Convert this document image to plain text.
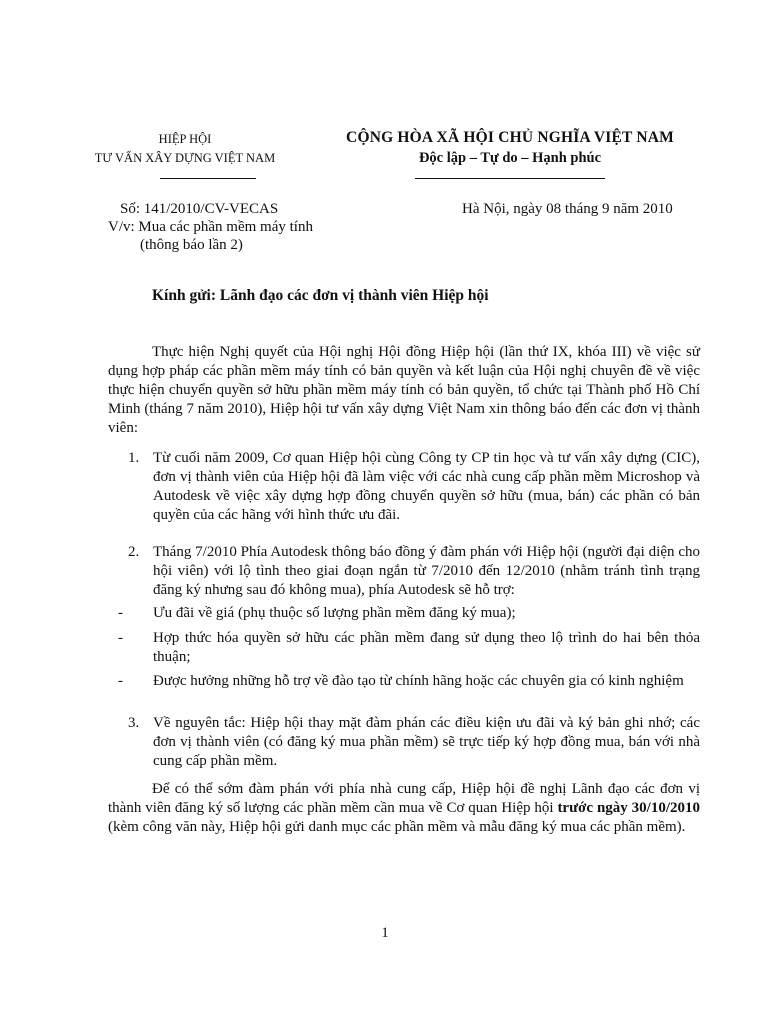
HIỆP HỘI
TƯ VẤN XÂY DỰNG VIỆT NAM
CỘNG HÒA XÃ HỘI CHỦ NGHĨA VIỆT NAM
Độc lập – Tự do – Hạnh phúc
Số: 141/2010/CV-VECAS
V/v: Mua các phần mềm máy tính
(thông báo lần 2)
Hà Nội, ngày 08 tháng 9 năm 2010
Kính gửi: Lãnh đạo các đơn vị thành viên Hiệp hội
Thực hiện Nghị quyết của Hội nghị Hội đồng Hiệp hội (lần thứ IX, khóa III) về việc sử dụng hợp pháp các phần mềm máy tính có bản quyền và kết luận của Hội nghị chuyên đề về việc thực hiện chuyển quyền sở hữu phần mềm máy tính có bản quyền, tổ chức tại Thành phố Hồ Chí Minh (tháng 7 năm 2010), Hiệp hội tư vấn xây dựng Việt Nam xin thông báo đến các đơn vị thành viên:
1. Từ cuối năm 2009, Cơ quan Hiệp hội cùng Công ty CP tin học và tư vấn xây dựng (CIC), đơn vị thành viên của Hiệp hội đã làm việc với các nhà cung cấp phần mềm Microshop và Autodesk về việc xây dựng hợp đồng chuyển quyền sở hữu (mua, bán) các phần có bản quyền của các hãng với hình thức ưu đãi.
2. Tháng 7/2010 Phía Autodesk thông báo đồng ý đàm phán với Hiệp hội (người đại diện cho hội viên) với lộ tình theo giai đoạn ngắn từ 7/2010 đến 12/2010 (nhằm tránh tình trạng đăng ký nhưng sau đó không mua), phía Autodesk sẽ hỗ trợ:
- Ưu đãi về giá (phụ thuộc số lượng phần mềm đăng ký mua);
- Hợp thức hóa quyền sở hữu các phần mềm đang sử dụng theo lộ trình do hai bên thỏa thuận;
- Được hưởng những hỗ trợ về đào tạo từ chính hãng hoặc các chuyên gia có kinh nghiệm
3. Về nguyên tắc: Hiệp hội thay mặt đàm phán các điều kiện ưu đãi và ký bản ghi nhớ; các đơn vị thành viên (có đăng ký mua phần mềm) sẽ trực tiếp ký hợp đồng mua, bán với nhà cung cấp phần mềm.
Để có thể sớm đàm phán với phía nhà cung cấp, Hiệp hội đề nghị Lãnh đạo các đơn vị thành viên đăng ký số lượng các phần mềm cần mua về Cơ quan Hiệp hội trước ngày 30/10/2010 (kèm công văn này, Hiệp hội gửi danh mục các phần mềm và mẫu đăng ký mua các phần mềm).
1
